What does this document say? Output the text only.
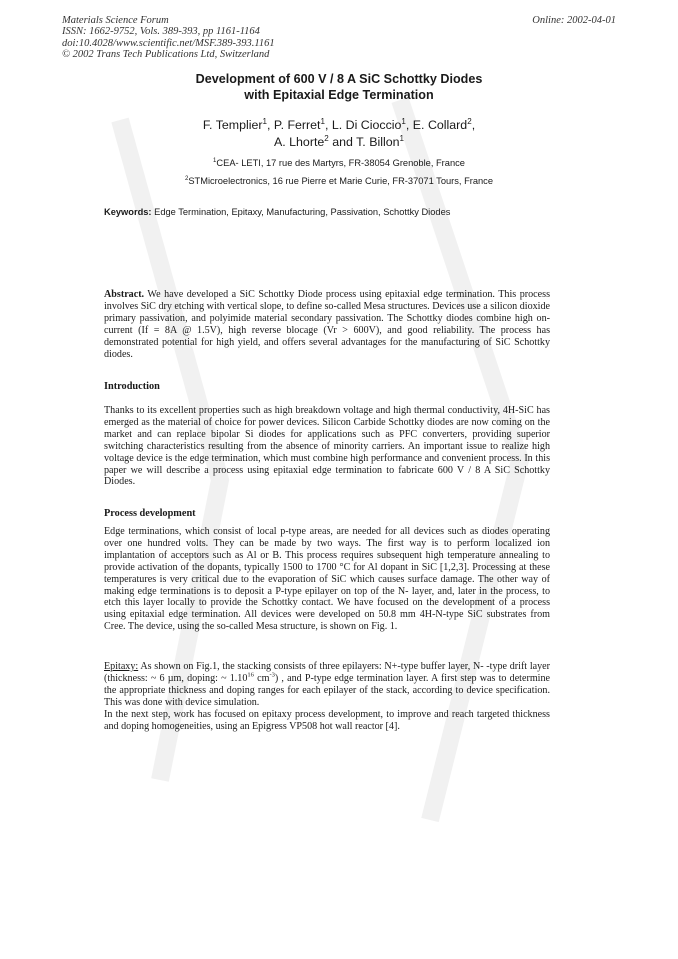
Materials Science Forum
ISSN: 1662-9752, Vols. 389-393, pp 1161-1164
doi:10.4028/www.scientific.net/MSF.389-393.1161
© 2002 Trans Tech Publications Ltd, Switzerland
Online: 2002-04-01
Development of 600 V / 8 A SiC Schottky Diodes
with Epitaxial Edge Termination
F. Templier$^1$, P. Ferret$^1$, L. Di Cioccio$^1$, E. Collard$^2$,
A. Lhorte$^2$ and T. Billon$^1$
$^1$CEA- LETI, 17 rue des Martyrs, FR-38054 Grenoble, France
$^2$STMicroelectronics, 16 rue Pierre et Marie Curie, FR-37071 Tours, France
Keywords: Edge Termination, Epitaxy, Manufacturing, Passivation, Schottky Diodes
Abstract. We have developed a SiC Schottky Diode process using epitaxial edge termination. This process involves SiC dry etching with vertical slope, to define so-called Mesa structures. Devices use a silicon dioxide primary passivation, and polyimide material secondary passivation. The Schottky diodes combine high on-current (If = 8A @ 1.5V), high reverse blocage (Vr > 600V), and good reliability. The process has demonstrated potential for high yield, and offers several advantages for the manufacturing of SiC Schottky diodes.
Introduction
Thanks to its excellent properties such as high breakdown voltage and high thermal conductivity, 4H-SiC has emerged as the material of choice for power devices. Silicon Carbide Schottky diodes are now coming on the market and can replace bipolar Si diodes for applications such as PFC converters, providing superior switching characteristics resulting from the absence of minority carriers. An important issue to realize high voltage device is the edge termination, which must combine high performance and convenient process. In this paper we will describe a process using epitaxial edge termination to fabricate 600 V / 8 A SiC Schottky Diodes.
Process development
Edge terminations, which consist of local p-type areas, are needed for all devices such as diodes operating over one hundred volts. They can be made by two ways. The first way is to perform localized ion implantation of acceptors such as Al or B. This process requires subsequent high temperature annealing to provide activation of the dopants, typically 1500 to 1700 °C for Al dopant in SiC [1,2,3]. Processing at these temperatures is very critical due to the evaporation of SiC which causes surface damage. The other way of making edge terminations is to deposit a P-type epilayer on top of the N- layer, and, later in the process, to etch this layer locally to provide the Schottky contact. We have focused on the development of a process using epitaxial edge termination. All devices were developed on 50.8 mm 4H-N-type SiC substrates from Cree. The device, using the so-called Mesa structure, is shown on Fig. 1.
Epitaxy: As shown on Fig.1, the stacking consists of three epilayers: N+-type buffer layer, N- -type drift layer (thickness: ~ 6 µm, doping: ~ 1.10$^{16}$ $cm^{-3}$) , and P-type edge termination layer. A first step was to determine the appropriate thickness and doping ranges for each epilayer of the stack, according to device specification. This was done with device simulation.
In the next step, work has focused on epitaxy process development, to improve and reach targeted thickness and doping homogeneities, using an Epigress VP508 hot wall reactor [4].
